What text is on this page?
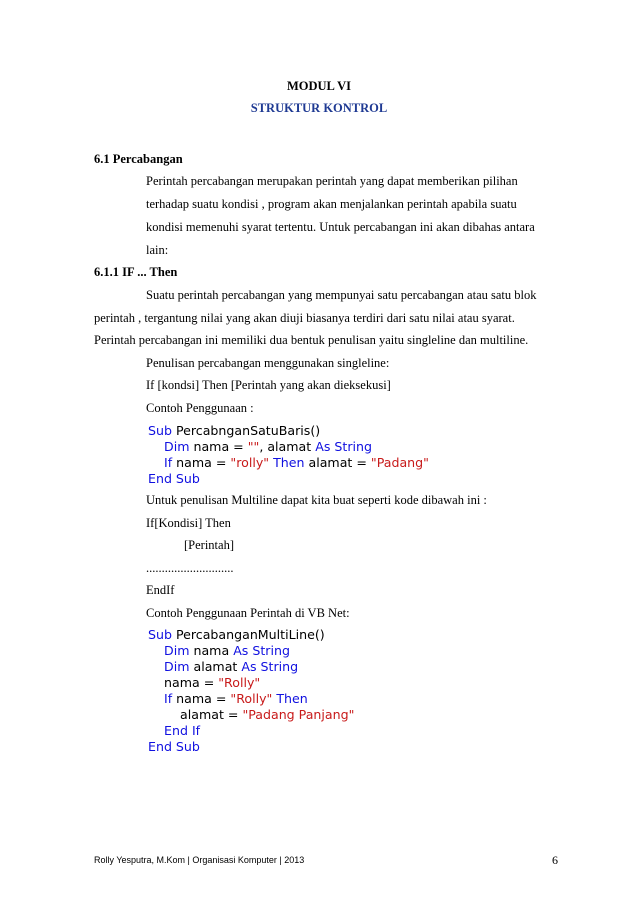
MODUL VI
STRUKTUR KONTROL
6.1 Percabangan
Perintah percabangan merupakan perintah yang dapat memberikan pilihan
terhadap suatu kondisi , program akan menjalankan perintah apabila suatu
kondisi memenuhi syarat tertentu. Untuk percabangan ini akan dibahas antara
lain:
6.1.1 IF ... Then
Suatu perintah percabangan yang mempunyai satu percabangan atau satu blok
perintah , tergantung nilai yang akan diuji biasanya terdiri dari satu nilai atau syarat.
Perintah percabangan ini memiliki dua bentuk penulisan yaitu singleline dan multiline.
Penulisan percabangan menggunakan singleline:
If [kondsi] Then [Perintah yang akan dieksekusi]
Contoh Penggunaan :
Sub PercabnganSatuBaris()
Dim nama = "", alamat As String
If nama = "rolly" Then alamat = "Padang"
End Sub
Untuk penulisan Multiline dapat kita buat seperti kode dibawah ini :
If[Kondisi] Then
[Perintah]
............................
EndIf
Contoh Penggunaan Perintah di VB Net:
Sub PercabanganMultiLine()
Dim nama As String
Dim alamat As String
nama = "Rolly"
If nama = "Rolly" Then
alamat = "Padang Panjang"
End If
End Sub
Rolly Yesputra, M.Kom | Organisasi Komputer | 2013	6
